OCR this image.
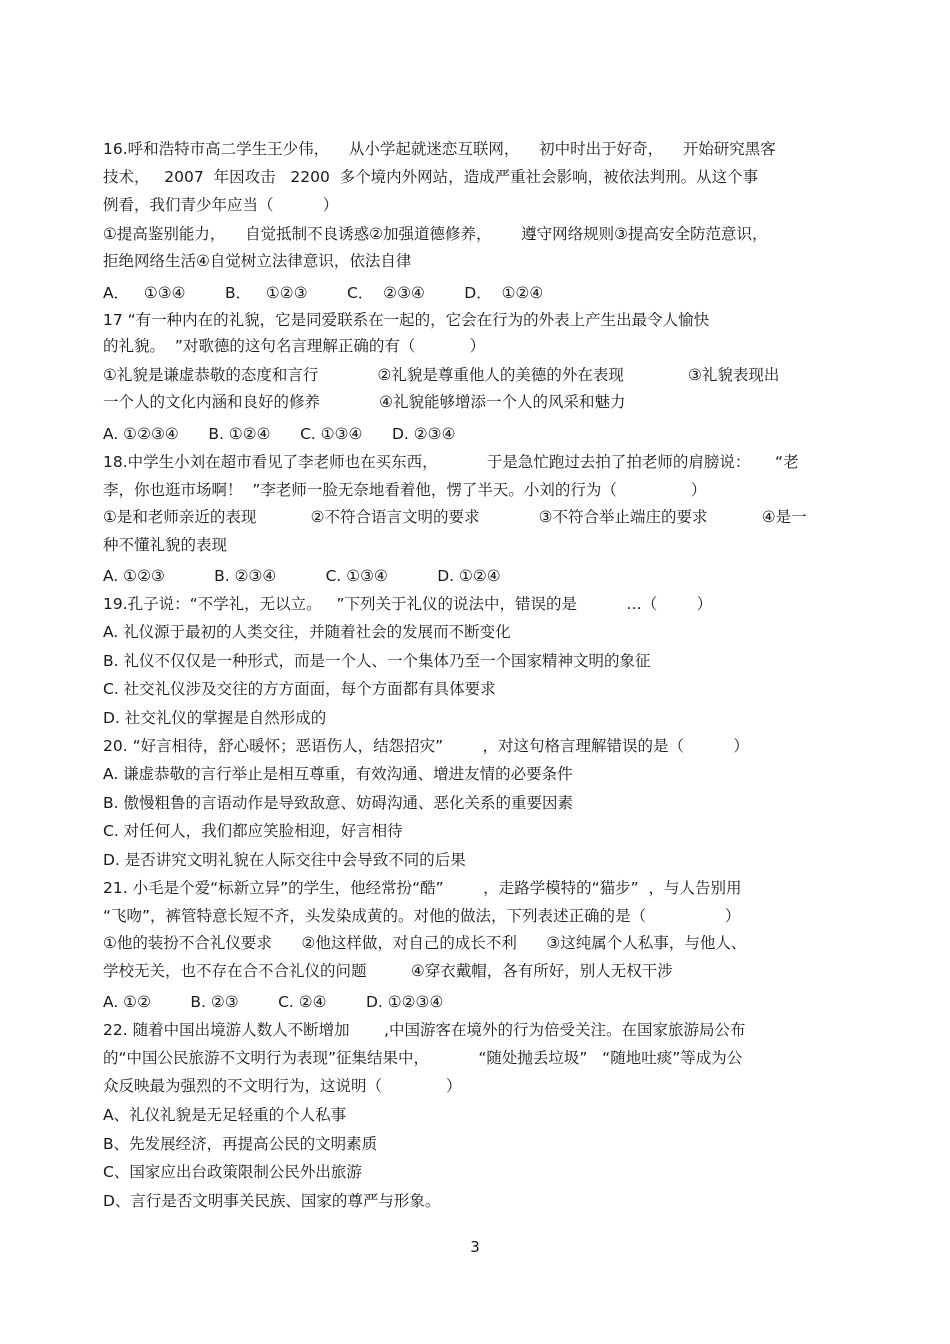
16.呼和浩特市高二学生王少伟，    从小学起就迷恋互联网，    初中时出于好奇，    开始研究黑客
技术，   2007  年因攻击   2200  多个境内外网站，造成严重社会影响，被依法判刑。从这个事
例看，我们青少年应当（          ）
①提高鉴别能力，    自觉抵制不良诱惑②加强道德修养，      遵守网络规则③提高安全防范意识，
拒绝网络生活④自觉树立法律意识，依法自律
A．   ①③④        B．   ①②③        C．  ②③④        D．  ①②④
17 “有一种内在的礼貌，它是同爱联系在一起的，它会在行为的外表上产生出最令人愉快
的礼貌。  ”对歌德的这句名言理解正确的有（           ）
①礼貌是谦虚恭敬的态度和言行            ②礼貌是尊重他人的美德的外在表现             ③礼貌表现出
一个人的文化内涵和良好的修养            ④礼貌能够增添一个人的风采和魅力
A. ①②③④      B. ①②④      C. ①③④      D. ②③④
18.中学生小刘在超市看见了李老师也在买东西，          于是急忙跑过去拍了拍老师的肩膀说：     “老
李，你也逛市场啊！  ”李老师一脸无奈地看着他，愣了半天。小刘的行为（               ）
①是和老师亲近的表现           ②不符合语言文明的要求            ③不符合举止端庄的要求           ④是一
种不懂礼貌的表现
A. ①②③          B. ②③④          C. ①③④          D. ①②④
19.孔子说：“不学礼，无以立。   ”下列关于礼仪的说法中，错误的是          …（        ）
A. 礼仪源于最初的人类交往，并随着社会的发展而不断变化
B. 礼仪不仅仅是一种形式，而是一个人、一个集体乃至一个国家精神文明的象征
C. 社交礼仪涉及交往的方方面面，每个方面都有具体要求
D. 社交礼仪的掌握是自然形成的
20. “好言相待，舒心暖怀；恶语伤人，结怨招灾”        ，对这句格言理解错误的是（          ）
A. 谦虚恭敬的言行举止是相互尊重，有效沟通、增进友情的必要条件
B. 傲慢粗鲁的言语动作是导致敌意、妨碍沟通、恶化关系的重要因素
C. 对任何人，我们都应笑脸相迎，好言相待
D. 是否讲究文明礼貌在人际交往中会导致不同的后果
21. 小毛是个爱“标新立异”的学生，他经常扮“酷”        ，走路学模特的“猫步”  ，与人告别用
“飞吻”，裤管特意长短不齐，头发染成黄的。对他的做法，下列表述正确的是（                ）
①他的装扮不合礼仪要求      ②他这样做，对自己的成长不利      ③这纯属个人私事，与他人、
学校无关，也不存在合不合礼仪的问题         ④穿衣戴帽，各有所好，别人无权干涉
A. ①②        B. ②③        C. ②④        D. ①②③④
22. 随着中国出境游人数人不断增加       ,中国游客在境外的行为倍受关注。在国家旅游局公布
的“中国公民旅游不文明行为表现”征集结果中，          “随处抛丢垃圾”   “随地吐痰”等成为公
众反映最为强烈的不文明行为，这说明（             ）
A、礼仪礼貌是无足轻重的个人私事
B、先发展经济，再提高公民的文明素质
C、国家应出台政策限制公民外出旅游
D、言行是否文明事关民族、国家的尊严与形象。
3
